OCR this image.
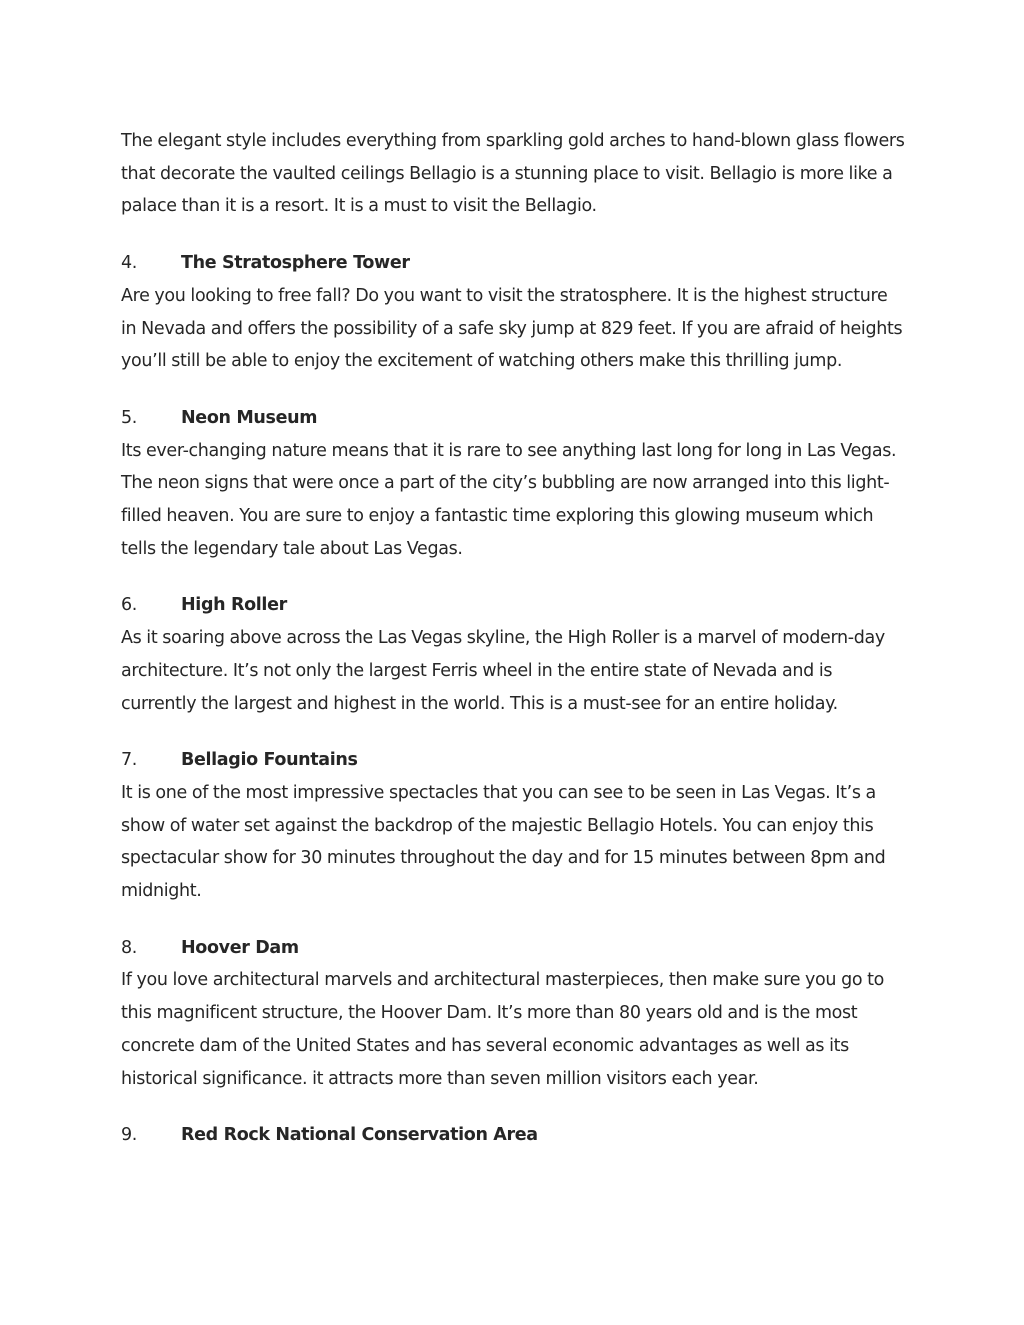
The elegant style includes everything from sparkling gold arches to hand-blown glass flowers that decorate the vaulted ceilings Bellagio is a stunning place to visit. Bellagio is more like a palace than it is a resort. It is a must to visit the Bellagio.

4.	The Stratosphere Tower

Are you looking to free fall? Do you want to visit the stratosphere. It is the highest structure in Nevada and offers the possibility of a safe sky jump at 829 feet. If you are afraid of heights you’ll still be able to enjoy the excitement of watching others make this thrilling jump.

5.	Neon Museum

Its ever-changing nature means that it is rare to see anything last long for long in Las Vegas. The neon signs that were once a part of the city’s bubbling are now arranged into this light-filled heaven. You are sure to enjoy a fantastic time exploring this glowing museum which tells the legendary tale about Las Vegas.

6.	High Roller

As it soaring above across the Las Vegas skyline, the High Roller is a marvel of modern-day architecture. It’s not only the largest Ferris wheel in the entire state of Nevada and is currently the largest and highest in the world. This is a must-see for an entire holiday.

7.	Bellagio Fountains

It is one of the most impressive spectacles that you can see to be seen in Las Vegas. It’s a show of water set against the backdrop of the majestic Bellagio Hotels. You can enjoy this spectacular show for 30 minutes throughout the day and for 15 minutes between 8pm and midnight.

8.	Hoover Dam

If you love architectural marvels and architectural masterpieces, then make sure you go to this magnificent structure, the Hoover Dam. It’s more than 80 years old and is the most concrete dam of the United States and has several economic advantages as well as its historical significance. it attracts more than seven million visitors each year.

9.	Red Rock National Conservation Area
